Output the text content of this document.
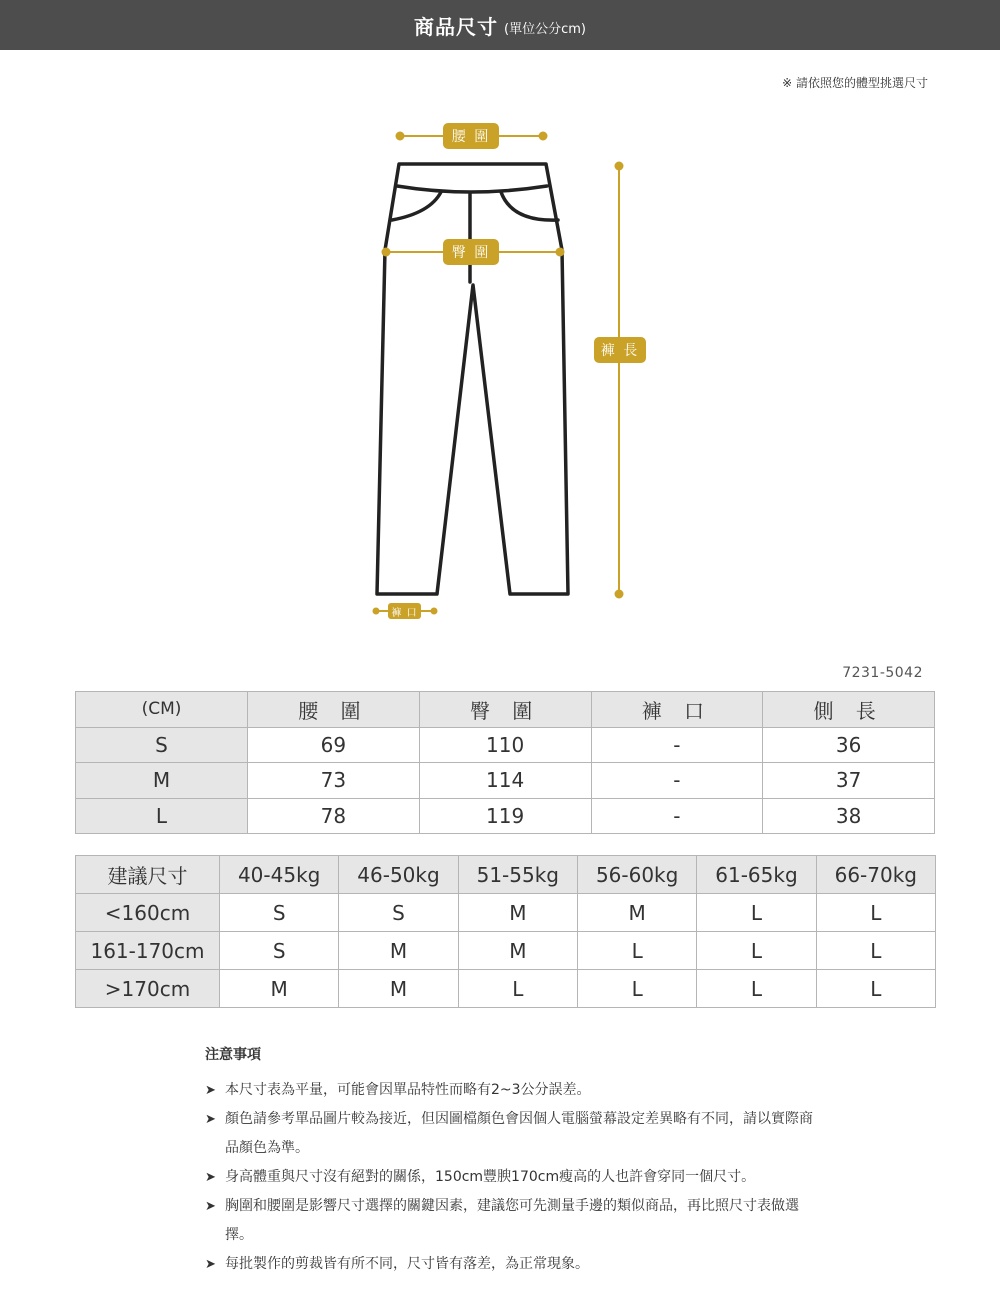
商品尺寸 (單位公分cm)
※ 請依照您的體型挑選尺寸
腰 圍
臀 圍
褲 長
褲 口
7231-5042
(CM)	腰 圍	臀 圍	褲 口	側 長
S	69	110	-	36
M	73	114	-	37
L	78	119	-	38
建議尺寸	40-45kg	46-50kg	51-55kg	56-60kg	61-65kg	66-70kg
<160cm	S	S	M	M	L	L
161-170cm	S	M	M	L	L	L
>170cm	M	M	L	L	L	L
注意事項
➤ 本尺寸表為平量，可能會因單品特性而略有2~3公分誤差。
➤ 顏色請參考單品圖片較為接近，但因圖檔顏色會因個人電腦螢幕設定差異略有不同，請以實際商品顏色為準。
➤ 身高體重與尺寸沒有絕對的關係，150cm豐腴170cm瘦高的人也許會穿同一個尺寸。
➤ 胸圍和腰圍是影響尺寸選擇的關鍵因素，建議您可先測量手邊的類似商品，再比照尺寸表做選擇。
➤ 每批製作的剪裁皆有所不同，尺寸皆有落差，為正常現象。
